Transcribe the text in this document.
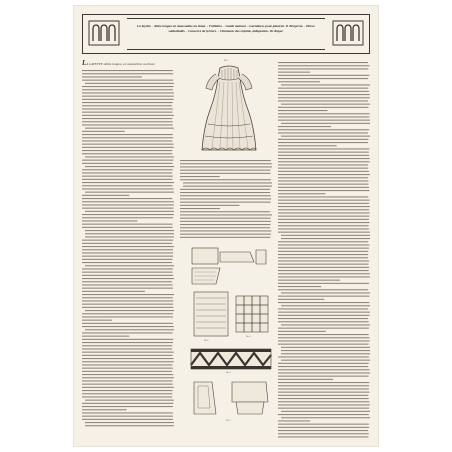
La layette. - Robe longue en mousseline ou linon. - Faillettes. - Guide manuel. - Garnitures pour plastron. P. Bergeron. - Pièces satinalloids. - Conserve de ferrure. - Vêtements des enfants, indigestion. Dr Roger.
LA LAYETTE. Robe longue, en mousseline ou linon.
No 1
No 2
No 3
No 4
No 5
